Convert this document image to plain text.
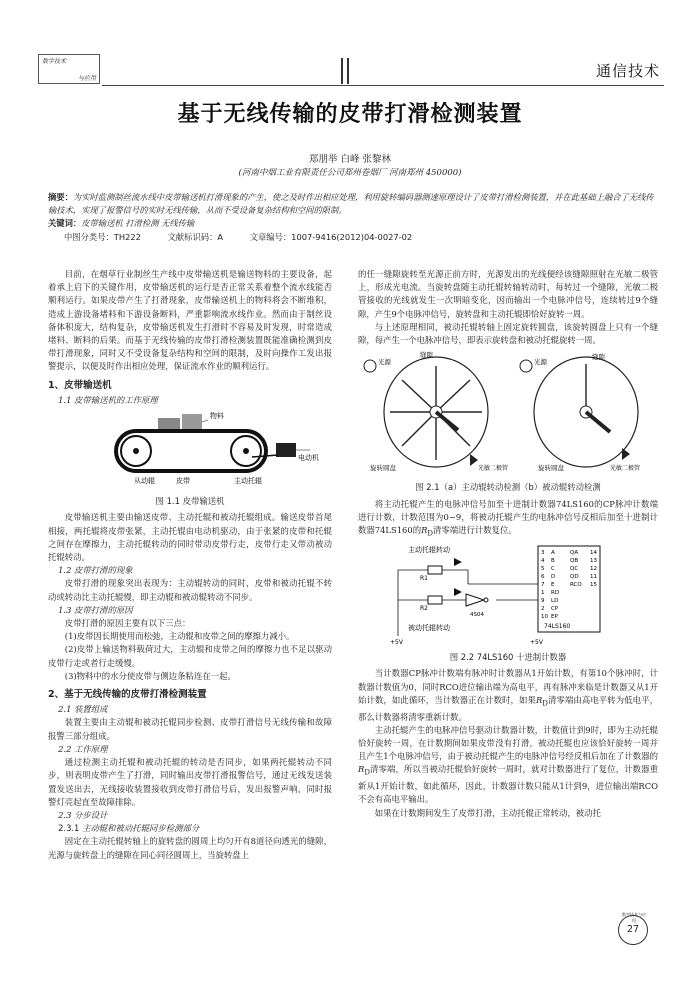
数字技术
与应用	通信技术
基于无线传输的皮带打滑检测装置
郑朋举 白峰 张黎林
(河南中烟工业有限责任公司郑州卷烟厂 河南郑州 450000)
摘要：为实时监测制丝流水线中皮带输送机打滑现象的产生，使之及时作出相应处理，利用旋转编码器测速原理设计了皮带打滑检测装置，并在此基础上融合了无线传输技术，实现了报警信号的实时无线传输，从而不受设备复杂结构和空间的限制。
关键词：皮带输送机 打滑检测 无线传输
中图分类号：TH222	文献标识码：A	文章编号：1007-9416(2012)04-0027-02

目前，在烟草行业制丝生产线中皮带输送机是输送物料的主要设备，起着承上启下的关键作用，皮带输送机的运行是否正常关系着整个流水线能否顺利运行。如果皮带产生了打滑现象，皮带输送机上的物料将会不断堆积，造成上游设备堵料和下游设备断料，严重影响流水线作业。然而由于制丝设备体积庞大，结构复杂，皮带输送机发生打滑时不容易及时发现，时常造成堵料、断料的后果。而基于无线传输的皮带打滑检测装置既能准确检测到皮带打滑现象，同时又不受设备复杂结构和空间的限制，及时向操作工发出报警提示，以便及时作出相应处理，保证流水作业的顺利运行。

1、皮带输送机

1.1 皮带输送机的工作原理

物料
从动辊	皮带	主动托辊
电动机
图 1.1 皮带输送机

皮带输送机主要由输送皮带、主动托辊和被动托辊组成。输送皮带首尾相接，两托辊将皮带张紧，主动托辊由电动机驱动，由于张紧的皮带和托辊之间存在摩擦力，主动托辊转动的同时带动皮带行走，皮带行走又带动被动托辊转动。

1.2 皮带打滑的现象

皮带打滑的现象突出表现为：主动辊转动的同时，皮带和被动托辊不转动或转动比主动托辊慢，即主动辊和被动辊转动不同步。

1.3 皮带打滑的原因

皮带打滑的原因主要有以下三点：

(1)皮带因长期使用而松弛，主动辊和皮带之间的摩擦力减小。

(2)皮带上输送物料载荷过大，主动辊和皮带之间的摩擦力也不足以驱动皮带行走或者行走缓慢。

(3)物料中的水分使皮带与侧边条粘连在一起。

2、基于无线传输的皮带打滑检测装置

2.1 装置组成

装置主要由主动辊和被动托辊同步检测、皮带打滑信号无线传输和故障报警三部分组成。

2.2 工作原理

通过检测主动托辊和被动托辊的转动是否同步，如果两托辊转动不同步，则表明皮带产生了打滑，同时输出皮带打滑报警信号，通过无线发送装置发送出去，无线接收装置接收到皮带打滑信号后，发出报警声响，同时报警灯亮起直至故障排除。

2.3 分步设计

2.3.1 主动辊和被动托辊同步检测部分

固定在主动托辊转轴上的旋转盘的圆周上均匀开有8道径向透光的缝隙，光源与旋转盘上的缝隙在同心同径圆周上，当旋转盘上

的任一缝隙旋转至光源正前方时，光源发出的光线便经该缝隙照射在光敏二极管上，形成光电流。当旋转盘随主动托辊转轴转动时，每转过一个缝隙，光敏二极管接收的光线就发生一次明暗变化，因而输出一个电脉冲信号，连续转过9个缝隙，产生9个电脉冲信号，旋转盘和主动托辊即恰好旋转一周。

与上述原理相同，被动托辊转轴上固定旋转圆盘，该旋转圆盘上只有一个缝隙，每产生一个电脉冲信号，即表示旋转盘和被动托辊旋转一周。

光源
缝隙
旋转圆盘	光敏二极管
光源
缝隙
旋转圆盘	光敏二极管
图 2.1（a）主动辊转动检测（b）被动辊转动检测

将主动托辊产生的电脉冲信号加至十进制计数器74LS160的CP脉冲计数端进行计数，计数范围为0~9，将被动托辊产生的电脉冲信号反相后加至十进制计数器74LS160的$R_D$清零端进行计数复位。

主动托辊转动
被动托辊转动
R1
R2
4S04
+5V	+5V
74LS160
3 A
4 B
5 C
6 D
7 E
1 RD
9 LD
2 CP
10 EP
QA 14
QB 13
QC 12
QD 11
RCO 15
图 2.2 74LS160 十进制计数器

当计数器CP脉冲计数端有脉冲时计数器从1开始计数，有第10个脉冲时，计数器计数值为0，同时RCO进位输出端为高电平，再有脉冲来临是计数器又从1开始计数，如此循环，当计数器正在计数时，如果$R_D$清零端由高电平转为低电平，那么计数器将清零重新计数。

主动托辊产生的电脉冲信号驱动计数器计数，计数值计到9时，即为主动托辊恰好旋转一周，在计数期间如果皮带没有打滑，被动托辊也应该恰好旋转一周并且产生1个电脉冲信号，由于被动托辊产生的电脉冲信号经反相后加在了计数器的$R_D$清零端，所以当被动托辊恰好旋转一周时，就对计数器进行了复位，计数器重新从1开始计数，如此循环，因此，计数器计数只能从1计到9，进位输出端RCO不会有高电平输出。

如果在计数期间发生了皮带打滑，主动托辊正常转动，被动托

数字技术与应用
27
